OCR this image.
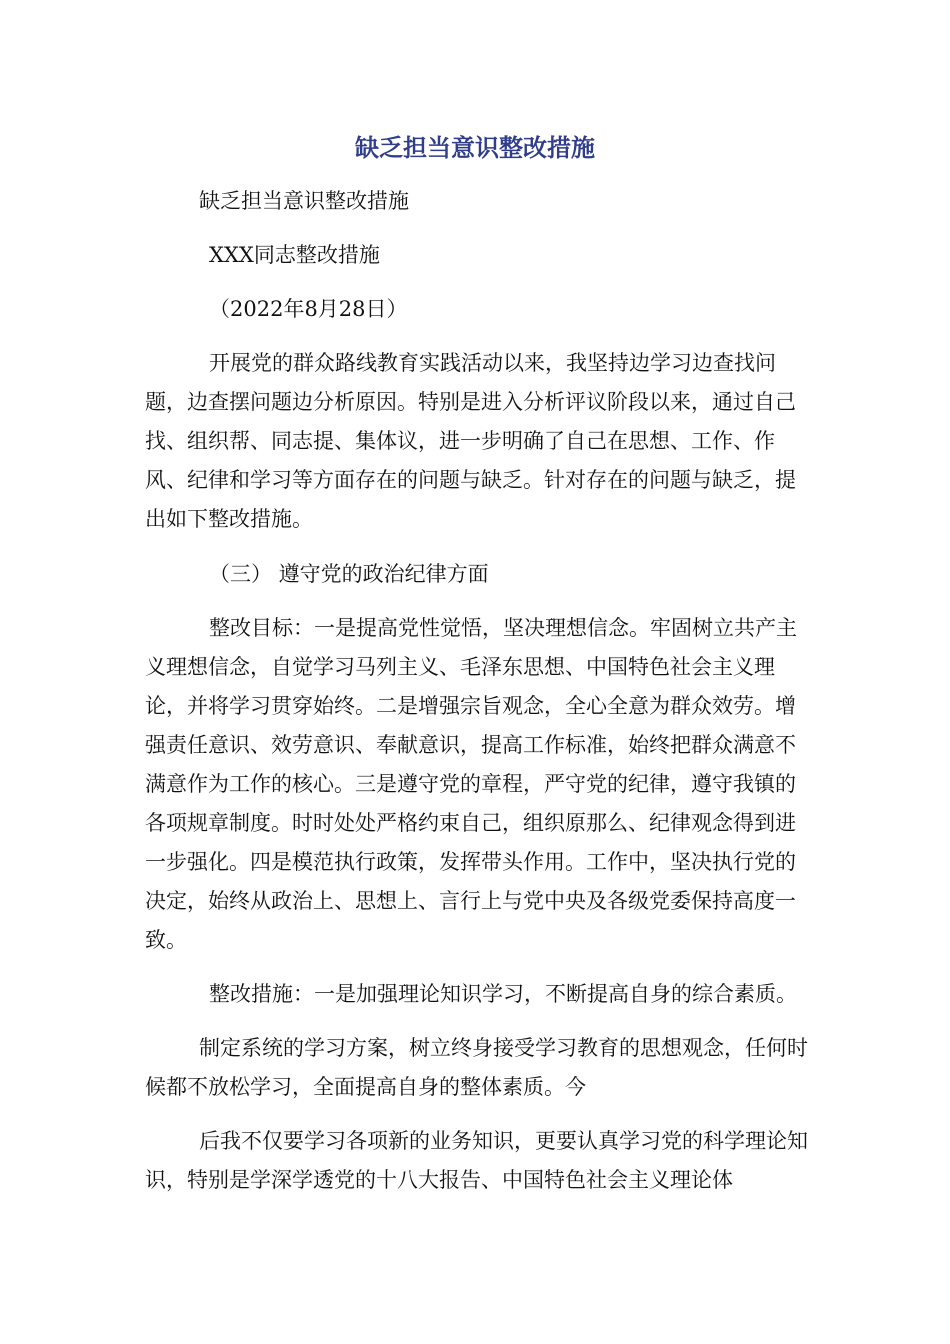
缺乏担当意识整改措施

缺乏担当意识整改措施

XXX同志整改措施

（2022年8月28日）

开展党的群众路线教育实践活动以来，我坚持边学习边查找问题，边查摆问题边分析原因。特别是进入分析评议阶段以来，通过自己找、组织帮、同志提、集体议，进一步明确了自己在思想、工作、作风、纪律和学习等方面存在的问题与缺乏。针对存在的问题与缺乏，提出如下整改措施。

（三） 遵守党的政治纪律方面

整改目标：一是提高党性觉悟，坚决理想信念。牢固树立共产主义理想信念，自觉学习马列主义、毛泽东思想、中国特色社会主义理论，并将学习贯穿始终。二是增强宗旨观念，全心全意为群众效劳。增强责任意识、效劳意识、奉献意识，提高工作标准，始终把群众满意不满意作为工作的核心。三是遵守党的章程，严守党的纪律，遵守我镇的各项规章制度。时时处处严格约束自己，组织原那么、纪律观念得到进一步强化。四是模范执行政策，发挥带头作用。工作中，坚决执行党的决定，始终从政治上、思想上、言行上与党中央及各级党委保持高度一致。

整改措施：一是加强理论知识学习，不断提高自身的综合素质。

制定系统的学习方案，树立终身接受学习教育的思想观念，任何时候都不放松学习，全面提高自身的整体素质。今

后我不仅要学习各项新的业务知识，更要认真学习党的科学理论知识，特别是学深学透党的十八大报告、中国特色社会主义理论体
